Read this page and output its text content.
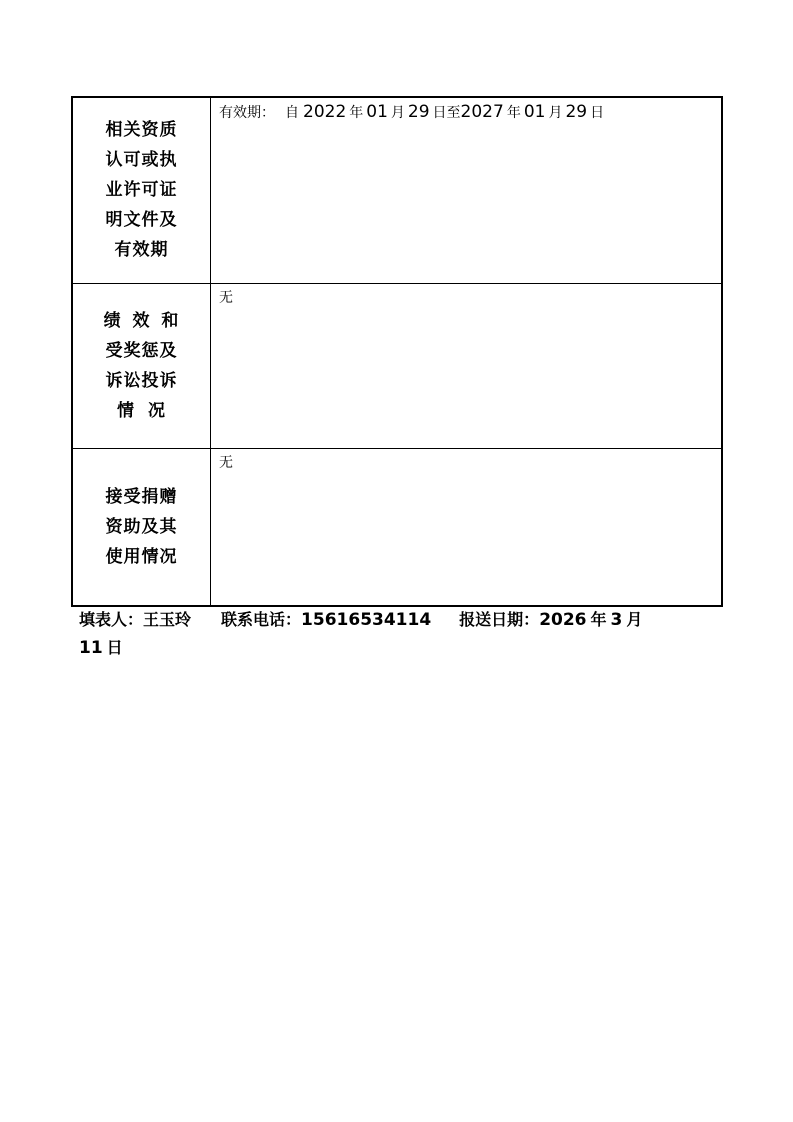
相关资质
认可或执
业许可证
明文件及
有效期	有效期： 自 2022 年 01 月 29 日至2027 年 01 月 29 日

绩 效 和
受奖惩及
诉讼投诉
情 况	无

接受捐赠
资助及其
使用情况	无
填表人：王玉玲 联系电话：15616534114 报送日期：2026 年 3 月
11 日
